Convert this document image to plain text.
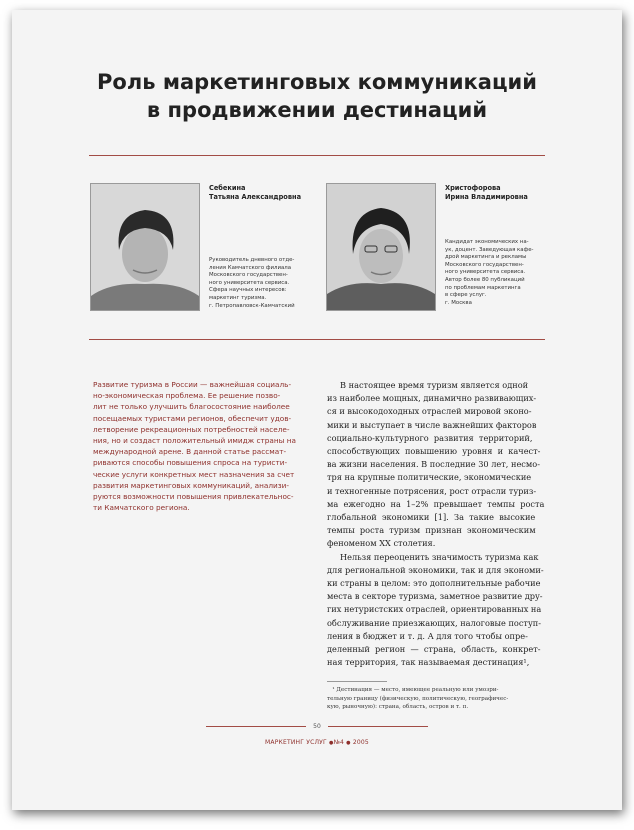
Роль маркетинговых коммуникаций
в продвижении дестинаций

Себекина
Татьяна Александровна

Руководитель дневного отде-
ления Камчатского филиала
Московского государствен-
ного университета сервиса.
Сфера научных интересов:
маркетинг туризма.
г. Петропавловск-Камчатский

Христофорова
Ирина Владимировна

Кандидат экономических на-
ук, доцент. Заведующая кафе-
дрой маркетинга и рекламы
Московского государствен-
ного университета сервиса.
Автор более 80 публикаций
по проблемам маркетинга
в сфере услуг.
г. Москва

Развитие туризма в России — важнейшая социаль-
но-экономическая проблема. Ее решение позво-
лит не только улучшить благосостояние наиболее
посещаемых туристами регионов, обеспечит удов-
летворение рекреационных потребностей населе-
ния, но и создаст положительный имидж страны на
международной арене. В данной статье рассмат-
риваются способы повышения спроса на туристи-
ческие услуги конкретных мест назначения за счет
развития маркетинговых коммуникаций, анализи-
руются возможности повышения привлекательнос-
ти Камчатского региона.

В настоящее время туризм является одной
из наиболее мощных, динамично развивающих-
ся и высокодоходных отраслей мировой эконо-
мики и выступает в числе важнейших факторов
социально-культурного  развития  территорий,
способствующих  повышению  уровня  и  качест-
ва жизни населения. В последние 30 лет, несмо-
тря на крупные политические, экономические
и техногенные потрясения, рост отрасли туриз-
ма  ежегодно  на  1–2%  превышает  темпы  роста
глобальной  экономики  [1].  За  такие  высокие
темпы  роста  туризм  признан  экономическим
феноменом XX столетия.
Нельзя переоценить значимость туризма как
для региональной экономики, так и для экономи-
ки страны в целом: это дополнительные рабочие
места в секторе туризма, заметное развитие дру-
гих нетуристских отраслей, ориентированных на
обслуживание приезжающих, налоговые поступ-
ления в бюджет и т. д. А для того чтобы опре-
деленный  регион  —  страна,  область,  конкрет-
ная территория, так называемая дестинация¹,

¹ Дестинация — место, имеющее реальную или умозри-
тельную границу (физическую, политическую, географичес-
кую, рыночную): страна, область, остров и т. п.

50
МАРКЕТИНГ УСЛУГ ●№4 ● 2005
